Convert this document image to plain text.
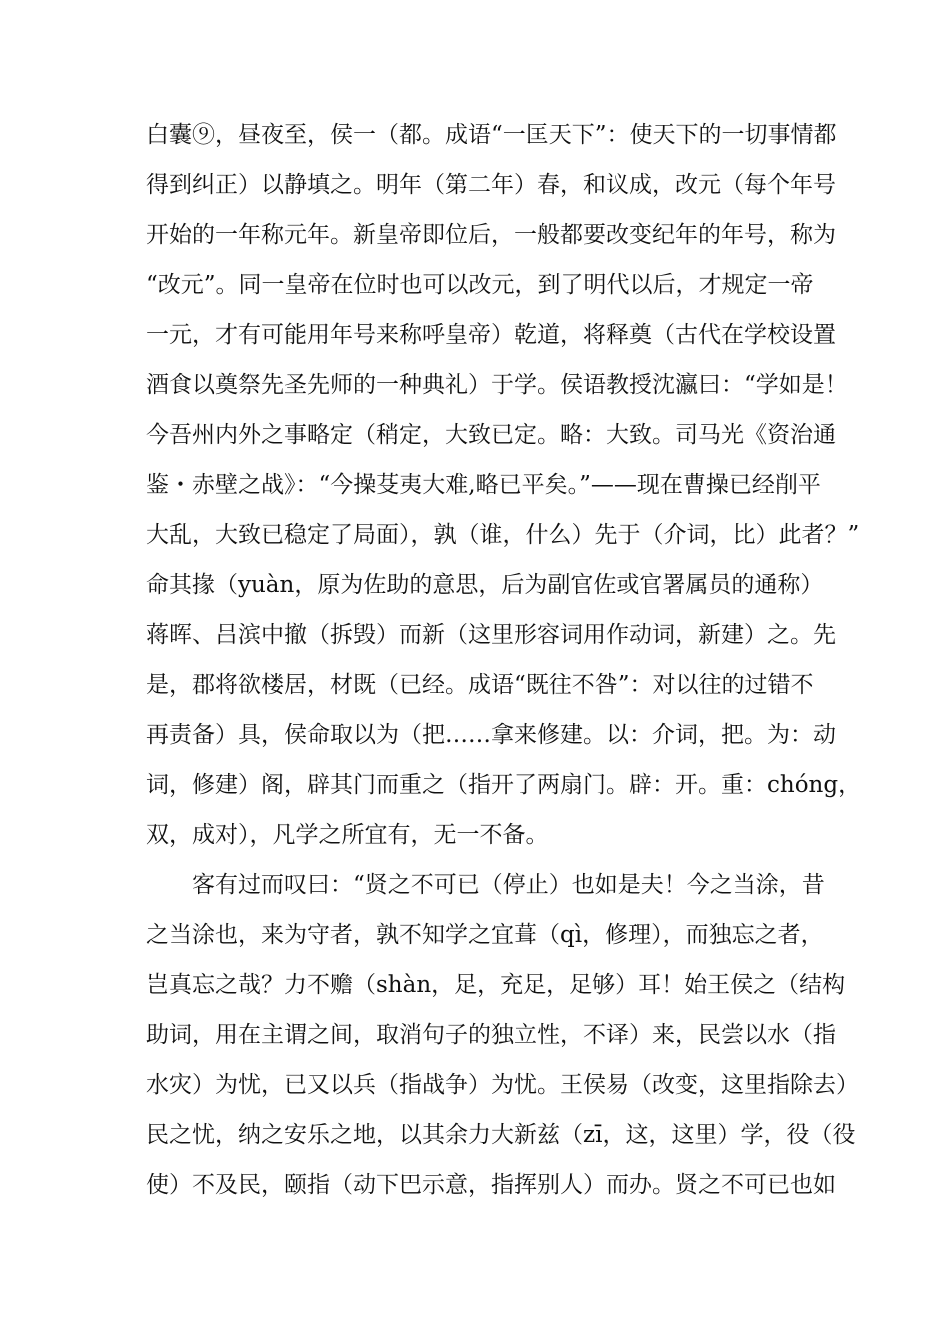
白囊⑨，昼夜至，侯一（都。成语“一匡天下”：使天下的一切事情都
得到纠正）以静填之。明年（第二年）春，和议成，改元（每个年号
开始的一年称元年。新皇帝即位后，一般都要改变纪年的年号，称为
“改元”。同一皇帝在位时也可以改元，到了明代以后，才规定一帝
一元，才有可能用年号来称呼皇帝）乾道，将释奠（古代在学校设置
酒食以奠祭先圣先师的一种典礼）于学。侯语教授沈瀛曰：“学如是！
今吾州内外之事略定（稍定，大致已定。略：大致。司马光《资治通
鉴・赤壁之战》：“今操芟夷大难,略已平矣。”——现在曹操已经削平
大乱，大致已稳定了局面），孰（谁，什么）先于（介词，比）此者？”
命其掾（yuàn，原为佐助的意思，后为副官佐或官署属员的通称）
蒋晖、吕滨中撤（拆毁）而新（这里形容词用作动词，新建）之。先
是，郡将欲楼居，材既（已经。成语“既往不咎”：对以往的过错不
再责备）具，侯命取以为（把……拿来修建。以：介词，把。为：动
词，修建）阁，辟其门而重之（指开了两扇门。辟：开。重：chóng，
双，成对），凡学之所宜有，无一不备。
客有过而叹曰：“贤之不可已（停止）也如是夫！今之当涂，昔
之当涂也，来为守者，孰不知学之宜葺（qì，修理），而独忘之者，
岂真忘之哉？力不赡（shàn，足，充足，足够）耳！始王侯之（结构
助词，用在主谓之间，取消句子的独立性，不译）来，民尝以水（指
水灾）为忧，已又以兵（指战争）为忧。王侯易（改变，这里指除去）
民之忧，纳之安乐之地，以其余力大新兹（zī，这，这里）学，役（役
使）不及民，颐指（动下巴示意，指挥别人）而办。贤之不可已也如
